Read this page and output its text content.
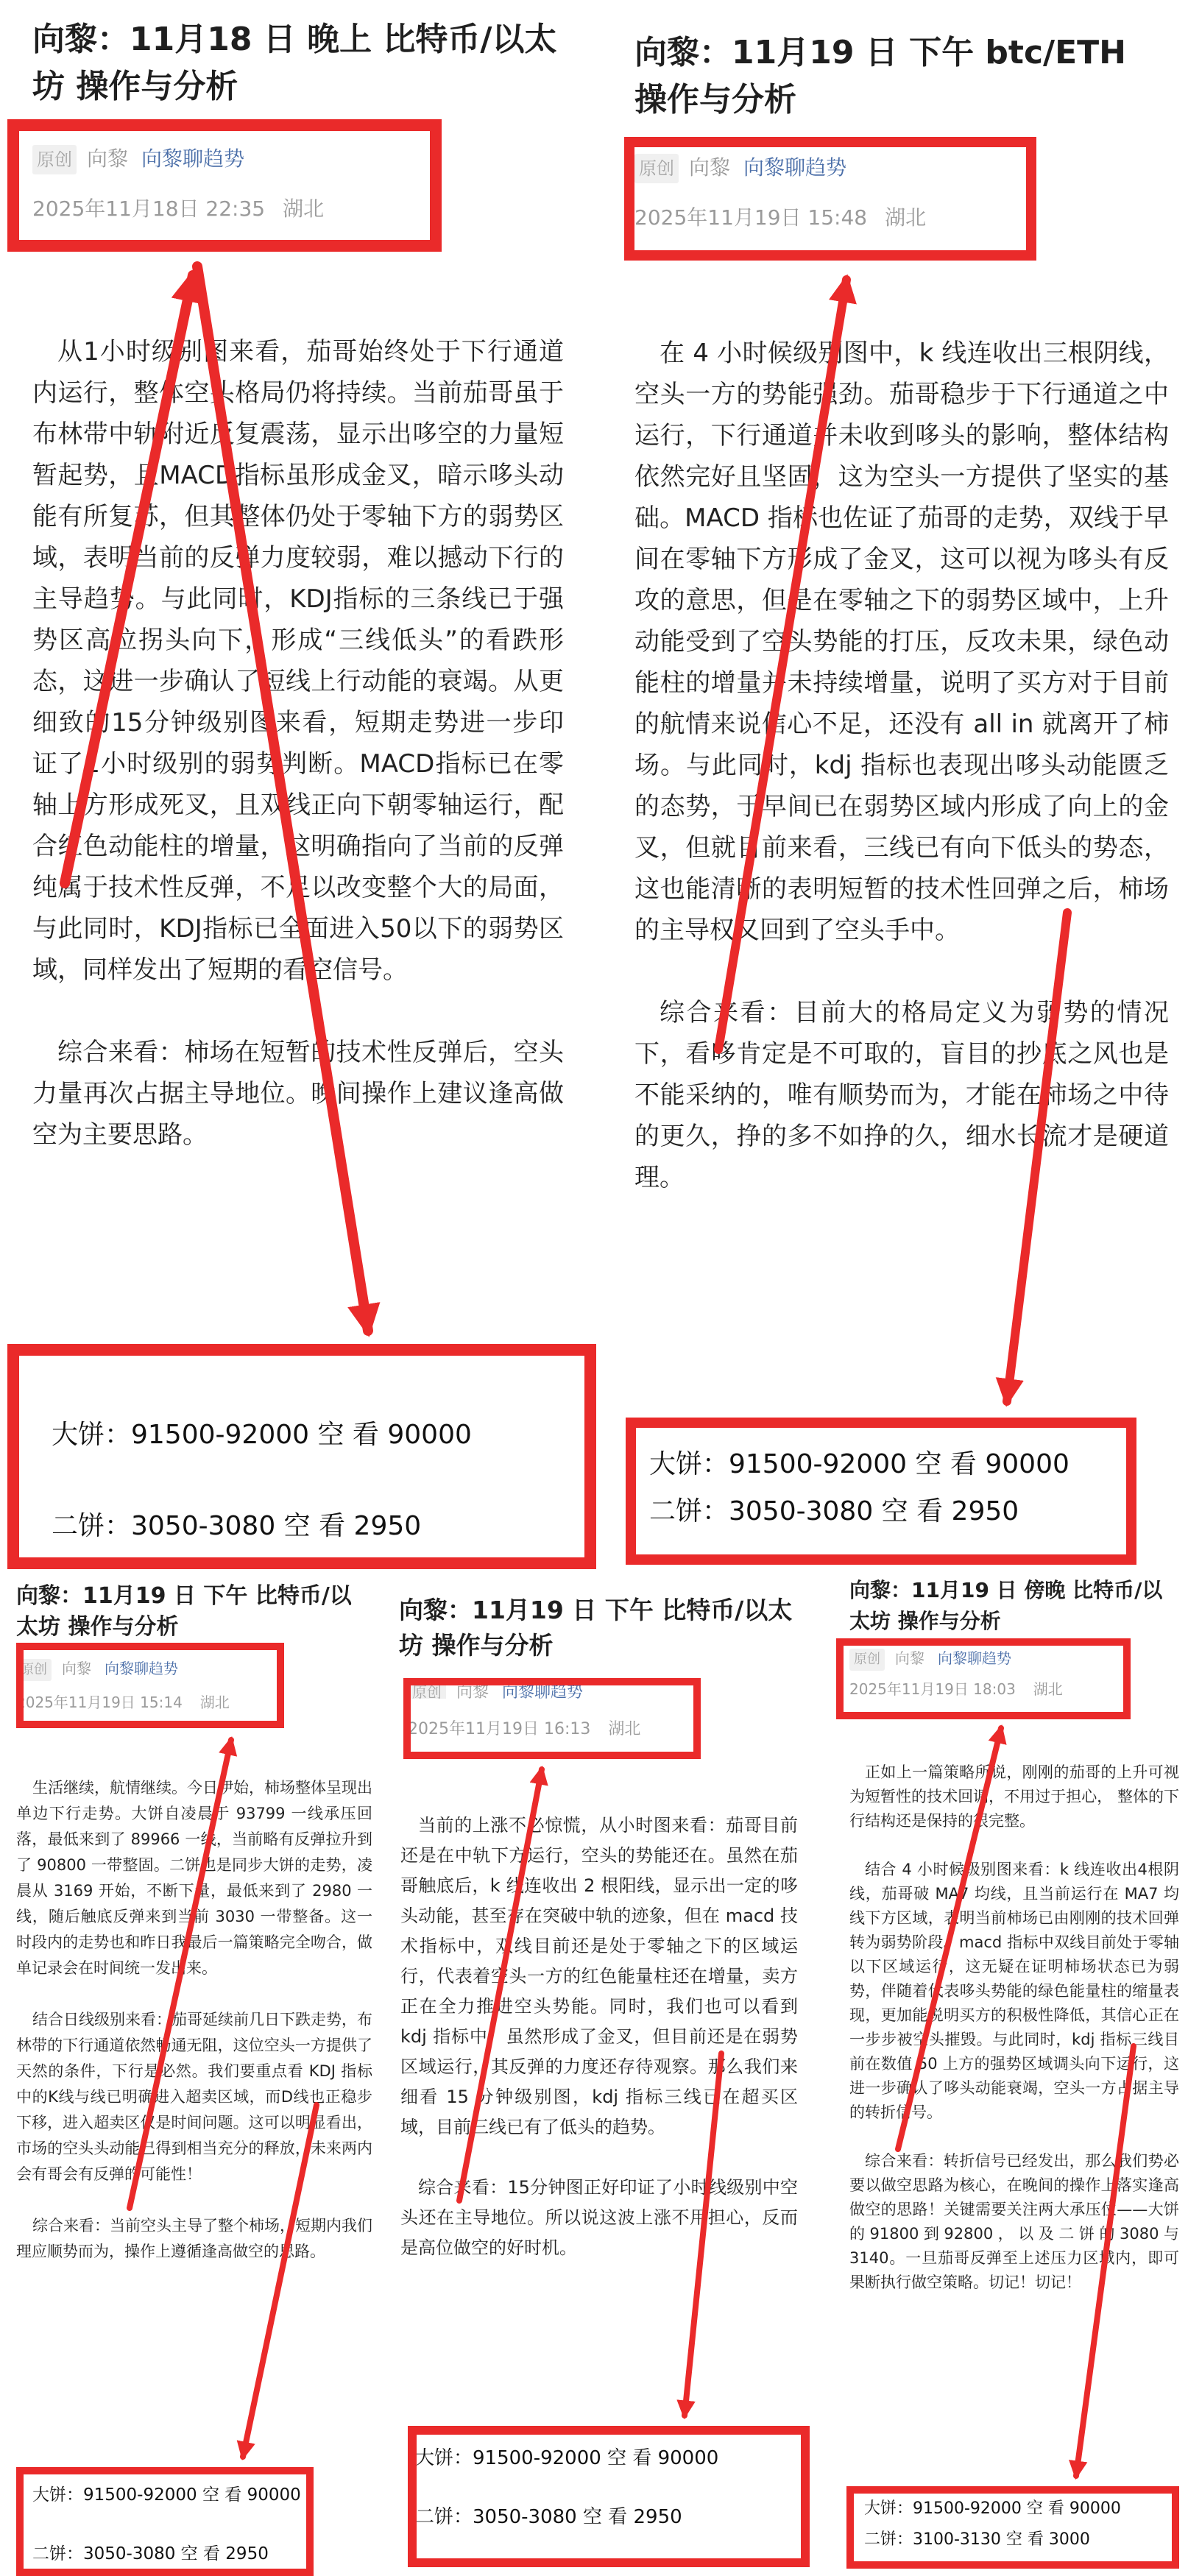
向黎：11月18 日 晚上 比特币/以太坊 操作与分析
原创 向黎 向黎聊趋势
2025年11月18日 22:35 湖北

从1小时级别图来看，茄哥始终处于下行通道内运行，整体空头格局仍将持续。当前茄哥虽于布林带中轨附近反复震荡，显示出哆空的力量短暂起势，且MACD指标虽形成金叉，暗示哆头动能有所复苏，但其整体仍处于零轴下方的弱势区域，表明当前的反弹力度较弱，难以撼动下行的主导趋势。与此同时，KDJ指标的三条线已于强势区高位拐头向下，形成“三线低头”的看跌形态，这进一步确认了短线上行动能的衰竭。从更细致的15分钟级别图来看，短期走势进一步印证了1小时级别的弱势判断。MACD指标已在零轴上方形成死叉，且双线正向下朝零轴运行，配合红色动能柱的增量，这明确指向了当前的反弹纯属于技术性反弹，不足以改变整个大的局面，与此同时，KDJ指标已全面进入50以下的弱势区域，同样发出了短期的看空信号。

综合来看：柿场在短暂的技术性反弹后，空头力量再次占据主导地位。晚间操作上建议逢高做空为主要思路。

大饼：91500-92000 空 看 90000
二饼：3050-3080 空 看 2950
向黎：11月19 日 下午 btc/ETH 操作与分析
原创 向黎 向黎聊趋势
2025年11月19日 15:48 湖北

在 4 小时候级别图中，k 线连收出三根阴线，空头一方的势能强劲。茄哥稳步于下行通道之中运行，下行通道并未收到哆头的影响，整体结构依然完好且坚固，这为空头一方提供了坚实的基础。MACD 指标也佐证了茄哥的走势，双线于早间在零轴下方形成了金叉，这可以视为哆头有反攻的意思，但是在零轴之下的弱势区域中，上升动能受到了空头势能的打压，反攻未果，绿色动能柱的增量并未持续增量，说明了买方对于目前的航情来说信心不足，还没有 all in 就离开了柿场。与此同时，kdj 指标也表现出哆头动能匮乏的态势，于早间已在弱势区域内形成了向上的金叉，但就目前来看，三线已有向下低头的势态，这也能清晰的表明短暂的技术性回弹之后，柿场的主导权又回到了空头手中。

综合来看：目前大的格局定义为弱势的情况下，看哆肯定是不可取的，盲目的抄底之风也是不能采纳的，唯有顺势而为，才能在柿场之中待的更久，挣的多不如挣的久，细水长流才是硬道理。

大饼：91500-92000 空 看 90000
二饼：3050-3080 空 看 2950
向黎：11月19 日 下午 比特币/以太坊 操作与分析
原创 向黎 向黎聊趋势
2025年11月19日 15:14 湖北

生活继续，航情继续。今日伊始，柿场整体呈现出单边下行走势。大饼自凌晨于 93799 一线承压回落，最低来到了 89966 一线，当前略有反弹拉升到了 90800 一带整固。二饼也是同步大饼的走势，凌晨从 3169 开始，不断下量，最低来到了 2980 一线，随后触底反弹来到当前 3030 一带整备。这一时段内的走势也和昨日我最后一篇策略完全吻合，做单记录会在时间统一发出来。

结合日线级别来看：茄哥延续前几日下跌走势，布林带的下行通道依然畅通无阻，这位空头一方提供了天然的条件，下行是必然。我们要重点看 KDJ 指标中的K线与线已明确进入超卖区域，而D线也正稳步下移，进入超卖区仅是时间问题。这可以明显看出，市场的空头头动能已得到相当充分的释放，未来两内会有哥会有反弹的可能性！

综合来看：当前空头主导了整个柿场，短期内我们理应顺势而为，操作上遵循逢高做空的思路。

大饼：91500-92000 空 看 90000
二饼：3050-3080 空 看 2950
向黎：11月19 日 下午 比特币/以太坊 操作与分析
原创 向黎 向黎聊趋势
2025年11月19日 16:13 湖北

当前的上涨不必惊慌，从小时图来看：茄哥目前还是在中轨下方运行，空头的势能还在。虽然在茄哥触底后，k 线连收出 2 根阳线，显示出一定的哆头动能，甚至存在突破中轨的迹象，但在 macd 技术指标中，双线目前还是处于零轴之下的区域运行，代表着空头一方的红色能量柱还在增量，卖方正在全力推进空头势能。同时，我们也可以看到 kdj 指标中，虽然形成了金叉，但目前还是在弱势区域运行，其反弹的力度还存待观察。那么我们来细看 15 分钟级别图，kdj 指标三线已在超买区域，目前三线已有了低头的趋势。

综合来看：15分钟图正好印证了小时线级别中空头还在主导地位。所以说这波上涨不用担心，反而是高位做空的好时机。

大饼：91500-92000 空 看 90000
二饼：3050-3080 空 看 2950
向黎：11月19 日 傍晚 比特币/以太坊 操作与分析
原创 向黎 向黎聊趋势
2025年11月19日 18:03 湖北

正如上一篇策略所说，刚刚的茄哥的上升可视为短暂性的技术回调，不用过于担心， 整体的下行结构还是保持的很完整。

结合 4 小时候级别图来看：k 线连收出4根阴线，茄哥破 MA7 均线，且当前运行在 MA7 均线下方区域，表明当前柿场已由刚刚的技术回弹转为弱势阶段。macd 指标中双线目前处于零轴以下区域运行，这无疑在证明柿场状态已为弱势，伴随着代表哆头势能的绿色能量柱的缩量表现，更加能说明买方的积极性降低，其信心正在一步步被空头摧毁。与此同时，kdj 指标三线目前在数值 50 上方的强势区域调头向下运行，这进一步确认了哆头动能衰竭，空头一方占据主导的转折信号。

综合来看：转折信号已经发出，那么我们势必要以做空思路为核心，在晚间的操作上落实逢高做空的思路！关键需要关注两大承压位——大饼的91800到92800，以及二饼的3080与3140。一旦茄哥反弹至上述压力区域内，即可果断执行做空策略。切记！切记！

大饼：91500-92000 空 看 90000
二饼：3100-3130 空 看 3000
